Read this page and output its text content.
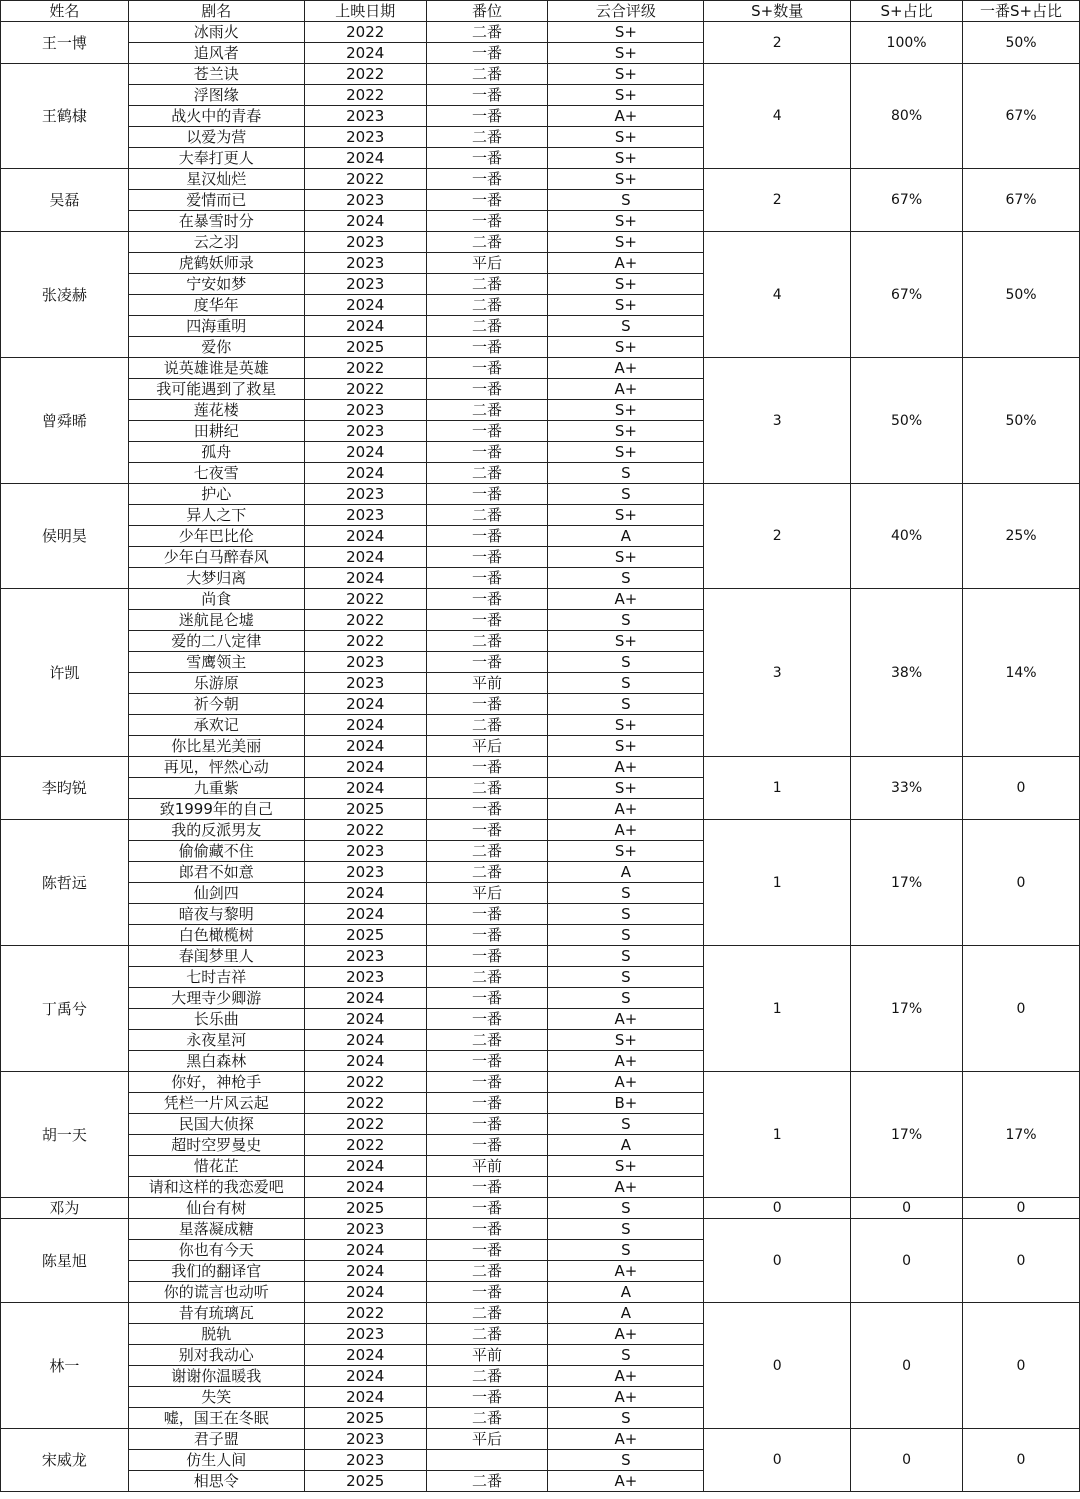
姓名	剧名	上映日期	番位	云合评级	S+数量	S+占比	一番S+占比
王一博	冰雨火	2022	二番	S+	2	100%	50%
	追风者	2024	一番	S+			
王鹤棣	苍兰诀	2022	二番	S+	4	80%	67%
	浮图缘	2022	一番	S+			
	战火中的青春	2023	一番	A+			
	以爱为营	2023	二番	S+			
	大奉打更人	2024	一番	S+			
吴磊	星汉灿烂	2022	一番	S+	2	67%	67%
	爱情而已	2023	一番	S			
	在暴雪时分	2024	一番	S+			
张凌赫	云之羽	2023	二番	S+	4	67%	50%
	虎鹤妖师录	2023	平后	A+			
	宁安如梦	2023	二番	S+			
	度华年	2024	二番	S+			
	四海重明	2024	二番	S			
	爱你	2025	一番	S+			
曾舜晞	说英雄谁是英雄	2022	一番	A+	3	50%	50%
	我可能遇到了救星	2022	一番	A+			
	莲花楼	2023	二番	S+			
	田耕纪	2023	一番	S+			
	孤舟	2024	一番	S+			
	七夜雪	2024	二番	S			
侯明昊	护心	2023	一番	S	2	40%	25%
	异人之下	2023	二番	S+			
	少年巴比伦	2024	一番	A			
	少年白马醉春风	2024	一番	S+			
	大梦归离	2024	一番	S			
许凯	尚食	2022	一番	A+	3	38%	14%
	迷航昆仑墟	2022	一番	S			
	爱的二八定律	2022	二番	S+			
	雪鹰领主	2023	一番	S			
	乐游原	2023	平前	S			
	祈今朝	2024	一番	S			
	承欢记	2024	二番	S+			
	你比星光美丽	2024	平后	S+			
李昀锐	再见，怦然心动	2024	一番	A+	1	33%	0
	九重紫	2024	二番	S+			
	致1999年的自己	2025	一番	A+			
陈哲远	我的反派男友	2022	一番	A+	1	17%	0
	偷偷藏不住	2023	二番	S+			
	郎君不如意	2023	二番	A			
	仙剑四	2024	平后	S			
	暗夜与黎明	2024	一番	S			
	白色橄榄树	2025	一番	S			
丁禹兮	春闺梦里人	2023	一番	S	1	17%	0
	七时吉祥	2023	二番	S			
	大理寺少卿游	2024	一番	S			
	长乐曲	2024	一番	A+			
	永夜星河	2024	二番	S+			
	黑白森林	2024	一番	A+			
胡一天	你好，神枪手	2022	一番	A+	1	17%	17%
	凭栏一片风云起	2022	一番	B+			
	民国大侦探	2022	一番	S			
	超时空罗曼史	2022	一番	A			
	惜花芷	2024	平前	S+			
	请和这样的我恋爱吧	2024	一番	A+			
邓为	仙台有树	2025	一番	S	0	0	0
陈星旭	星落凝成糖	2023	一番	S	0	0	0
	你也有今天	2024	一番	S			
	我们的翻译官	2024	二番	A+			
	你的谎言也动听	2024	一番	A			
林一	昔有琉璃瓦	2022	二番	A	0	0	0
	脱轨	2023	二番	A+			
	别对我动心	2024	平前	S			
	谢谢你温暖我	2024	二番	A+			
	失笑	2024	一番	A+			
	嘘，国王在冬眠	2025	二番	S			
宋威龙	君子盟	2023	平后	A+	0	0	0
	仿生人间	2023		S			
	相思令	2025	二番	A+			
